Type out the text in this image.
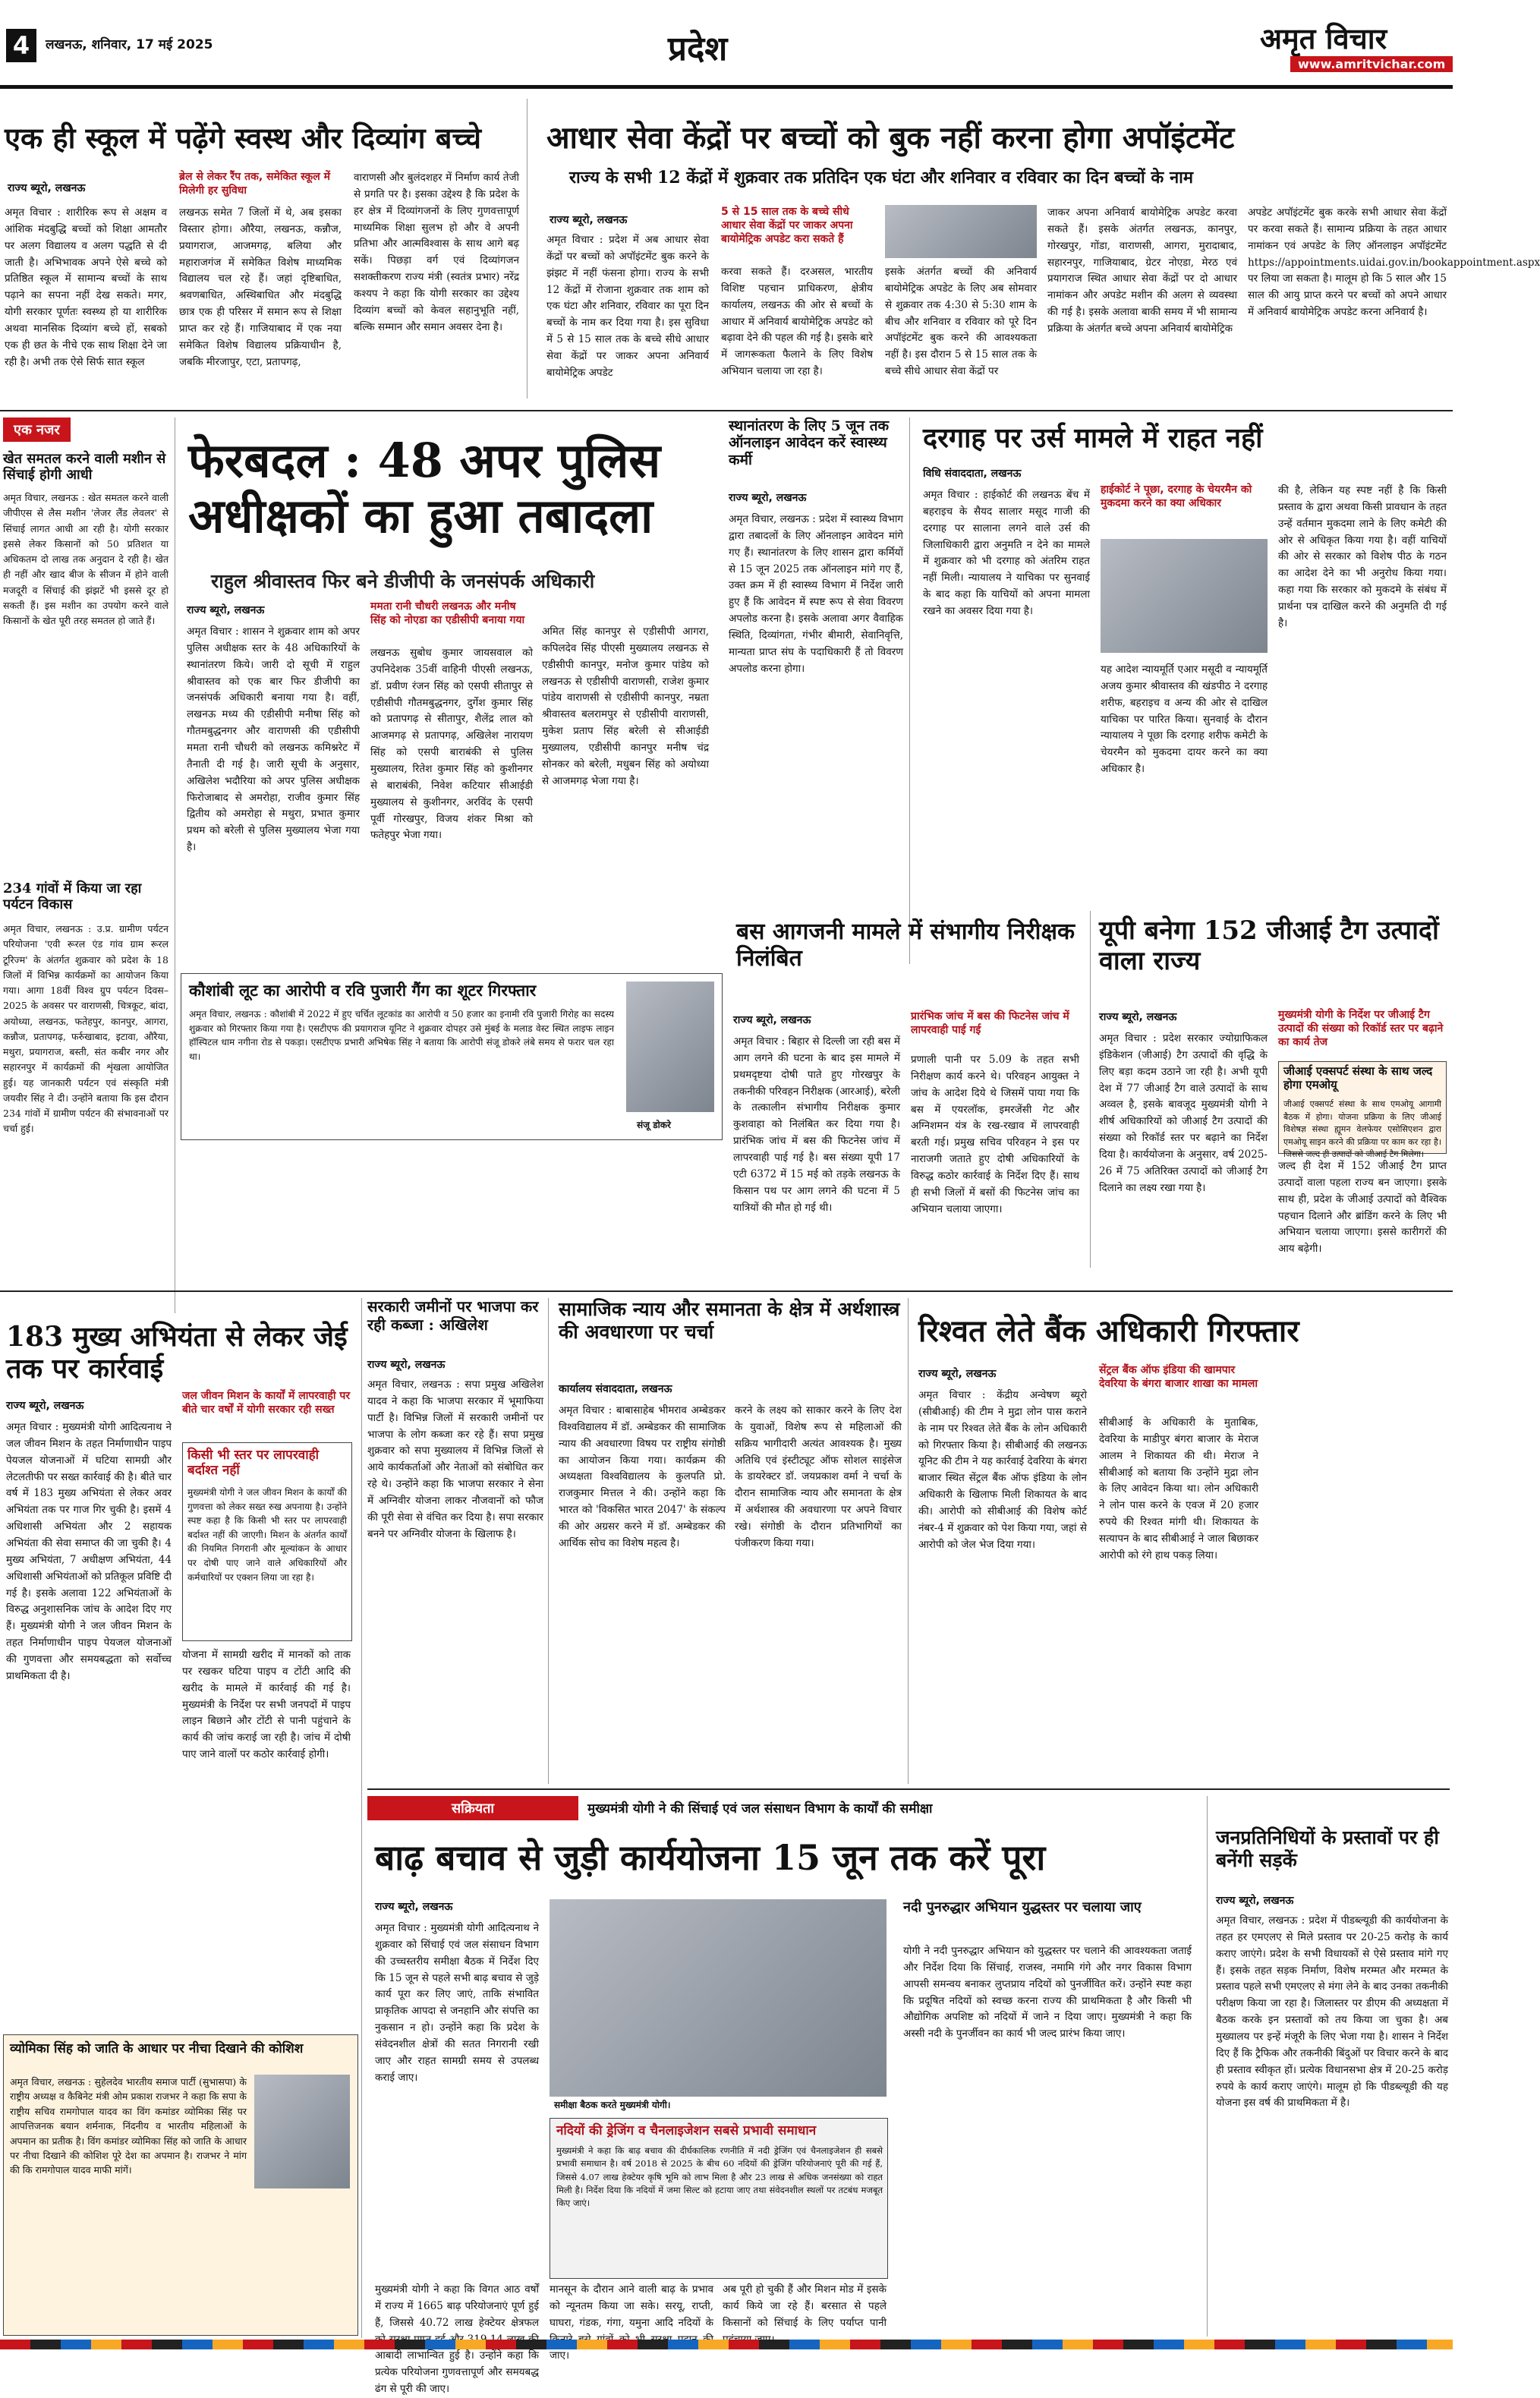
4	लखनऊ, शनिवार, 17 मई 2025	प्रदेश	अमृत विचार
www.amritvichar.com
एक ही स्कूल में पढ़ेंगे स्वस्थ और दिव्यांग बच्चे
राज्य ब्यूरो, लखनऊ
ब्रेल से लेकर रैंप तक, समेकित स्कूल में मिलेगी हर सुविधा
अमृत विचार : शारीरिक रूप से अक्षम व आंशिक मंदबुद्धि बच्चों को शिक्षा आमतौर पर अलग विद्यालय व अलग पद्धति से दी जाती है। अभिभावक अपने ऐसे बच्चे को प्रतिष्ठित स्कूल में सामान्य बच्चों के साथ पढ़ाने का सपना नहीं देख सकते। मगर, योगी सरकार पूर्णतः स्वस्थ्य हो या शारीरिक अथवा मानसिक दिव्यांग बच्चे हों, सबको एक ही छत के नीचे एक साथ शिक्षा देने जा रही है। अभी तक ऐसे सिर्फ सात स्कूल
लखनऊ समेत 7 जिलों में थे, अब इसका विस्तार होगा। औरैया, लखनऊ, कन्नौज, प्रयागराज, आजमगढ़, बलिया और महाराजगंज में समेकित विशेष माध्यमिक विद्यालय चल रहे हैं। जहां दृष्टिबाधित, श्रवणबाधित, अस्थिबाधित और मंदबुद्धि छात्र एक ही परिसर में समान रूप से शिक्षा प्राप्त कर रहे हैं। गाजियाबाद में एक नया समेकित विशेष विद्यालय प्रक्रियाधीन है, जबकि मीरजापुर, एटा, प्रतापगढ़,
वाराणसी और बुलंदशहर में निर्माण कार्य तेजी से प्रगति पर है। इसका उद्देश्य है कि प्रदेश के हर क्षेत्र में दिव्यांगजनों के लिए गुणवत्तापूर्ण माध्यमिक शिक्षा सुलभ हो और वे अपनी प्रतिभा और आत्मविश्वास के साथ आगे बढ़ सकें। पिछड़ा वर्ग एवं दिव्यांगजन सशक्तीकरण राज्य मंत्री (स्वतंत्र प्रभार) नरेंद्र कश्यप ने कहा कि योगी सरकार का उद्देश्य दिव्यांग बच्चों को केवल सहानुभूति नहीं, बल्कि सम्मान और समान अवसर देना है।
आधार सेवा केंद्रों पर बच्चों को बुक नहीं करना होगा अपॉइंटमेंट
राज्य के सभी 12 केंद्रों में शुक्रवार तक प्रतिदिन एक घंटा और शनिवार व रविवार का दिन बच्चों के नाम
राज्य ब्यूरो, लखनऊ
5 से 15 साल तक के बच्चे सीधे आधार सेवा केंद्रों पर जाकर अपना बायोमेट्रिक अपडेट करा सकते हैं
अमृत विचार : प्रदेश में अब आधार सेवा केंद्रों पर बच्चों को अपॉइंटमेंट बुक करने के झंझट में नहीं फंसना होगा। राज्य के सभी 12 केंद्रों में रोजाना शुक्रवार तक शाम को एक घंटा और शनिवार, रविवार का पूरा दिन बच्चों के नाम कर दिया गया है। इस सुविधा में 5 से 15 साल तक के बच्चे सीधे आधार सेवा केंद्रों पर जाकर अपना अनिवार्य बायोमेट्रिक अपडेट
करवा सकते हैं। दरअसल, भारतीय विशिष्ट पहचान प्राधिकरण, क्षेत्रीय कार्यालय, लखनऊ की ओर से बच्चों के आधार में अनिवार्य बायोमेट्रिक अपडेट को बढ़ावा देने की पहल की गई है। इसके बारे में जागरूकता फैलाने के लिए विशेष अभियान चलाया जा रहा है।
इसके अंतर्गत बच्चों की अनिवार्य बायोमेट्रिक अपडेट के लिए अब सोमवार से शुक्रवार तक 4:30 से 5:30 शाम के बीच और शनिवार व रविवार को पूरे दिन अपॉइंटमेंट बुक करने की आवश्यकता नहीं है। इस दौरान 5 से 15 साल तक के बच्चे सीधे आधार सेवा केंद्रों पर
जाकर अपना अनिवार्य बायोमेट्रिक अपडेट करवा सकते हैं। इसके अंतर्गत लखनऊ, कानपुर, गोरखपुर, गोंडा, वाराणसी, आगरा, मुरादाबाद, सहारनपुर, गाजियाबाद, ग्रेटर नोएडा, मेरठ एवं प्रयागराज स्थित आधार सेवा केंद्रों पर दो आधार नामांकन और अपडेट मशीन की अलग से व्यवस्था की गई है। इसके अलावा बाकी समय में भी सामान्य प्रक्रिया के अंतर्गत बच्चे अपना अनिवार्य बायोमेट्रिक
अपडेट अपॉइंटमेंट बुक करके सभी आधार सेवा केंद्रों पर करवा सकते हैं। सामान्य प्रक्रिया के तहत आधार नामांकन एवं अपडेट के लिए ऑनलाइन अपॉइंटमेंट https://appointments.uidai.gov.in/bookappointment.aspx पर लिया जा सकता है। मालूम हो कि 5 साल और 15 साल की आयु प्राप्त करने पर बच्चों को अपने आधार में अनिवार्य बायोमेट्रिक अपडेट करना अनिवार्य है।
एक नजर
खेत समतल करने वाली मशीन से सिंचाई होगी आधी
अमृत विचार, लखनऊ : खेत समतल करने वाली जीपीएस से लैस मशीन 'लेजर लैंड लेवलर' से सिंचाई लागत आधी आ रही है। योगी सरकार इससे लेकर किसानों को 50 प्रतिशत या अधिकतम दो लाख तक अनुदान दे रही है। खेत ही नहीं और खाद बीज के सीजन में होने वाली मजदूरी व सिंचाई की झंझटें भी इससे दूर हो सकती हैं। इस मशीन का उपयोग करने वाले किसानों के खेत पूरी तरह समतल हो जाते हैं।
234 गांवों में किया जा रहा पर्यटन विकास
अमृत विचार, लखनऊ : उ.प्र. ग्रामीण पर्यटन परियोजना 'एवी रूरल एंड गांव ग्राम रूरल टूरिज्म' के अंतर्गत शुक्रवार को प्रदेश के 18 जिलों में विभिन्न कार्यक्रमों का आयोजन किया गया। आगा 18वीं विश्व ग्रुप पर्यटन दिवस–2025 के अवसर पर वाराणसी, चित्रकूट, बांदा, अयोध्या, लखनऊ, फतेहपुर, कानपुर, आगरा, कन्नौज, प्रतापगढ़, फर्रुखाबाद, इटावा, औरैया, मथुरा, प्रयागराज, बस्ती, संत कबीर नगर और सहारनपुर में कार्यक्रमों की शृंखला आयोजित हुई। यह जानकारी पर्यटन एवं संस्कृति मंत्री जयवीर सिंह ने दी। उन्होंने बताया कि इस दौरान 234 गांवों में ग्रामीण पर्यटन की संभावनाओं पर चर्चा हुई।
फेरबदल : 48 अपर पुलिस अधीक्षकों का हुआ तबादला
राहुल श्रीवास्तव फिर बने डीजीपी के जनसंपर्क अधिकारी
राज्य ब्यूरो, लखनऊ	ममता रानी चौधरी लखनऊ और मनीष सिंह को नोएडा का एडीसीपी बनाया गया
अमृत विचार : शासन ने शुक्रवार शाम को अपर पुलिस अधीक्षक स्तर के 48 अधिकारियों के स्थानांतरण किये। जारी दो सूची में राहुल श्रीवास्तव को एक बार फिर डीजीपी का जनसंपर्क अधिकारी बनाया गया है। वहीं, लखनऊ मध्य की एडीसीपी मनीषा सिंह को गौतमबुद्धनगर और वाराणसी की एडीसीपी ममता रानी चौधरी को लखनऊ कमिश्नरेट में तैनाती दी गई है। जारी सूची के अनुसार, अखिलेश भदौरिया को अपर पुलिस अधीक्षक फिरोजाबाद से अमरोहा, राजीव कुमार सिंह द्वितीय को अमरोहा से मथुरा, प्रभात कुमार प्रथम को बरेली से पुलिस मुख्यालय भेजा गया है।
लखनऊ सुबोध कुमार जायसवाल को उपनिदेशक 35वीं वाहिनी पीएसी लखनऊ, डॉ. प्रवीण रंजन सिंह को एसपी सीतापुर से एडीसीपी गौतमबुद्धनगर, दुर्गेश कुमार सिंह को प्रतापगढ़ से सीतापुर, शैलेंद्र लाल को आजमगढ़ से प्रतापगढ़, अखिलेश नारायण सिंह को एसपी बाराबंकी से पुलिस मुख्यालय, रितेश कुमार सिंह को कुशीनगर से बाराबंकी, निवेश कटियार सीआईडी मुख्यालय से कुशीनगर, अरविंद के एसपी पूर्वी गोरखपुर, विजय शंकर मिश्रा को फतेहपुर भेजा गया।
अमित सिंह कानपुर से एडीसीपी आगरा, कपिलदेव सिंह पीएसी मुख्यालय लखनऊ से एडीसीपी कानपुर, मनोज कुमार पांडेय को लखनऊ से एडीसीपी वाराणसी, राजेश कुमार पांडेय वाराणसी से एडीसीपी कानपुर, नम्रता श्रीवास्तव बलरामपुर से एडीसीपी वाराणसी, मुकेश प्रताप सिंह बरेली से सीआईडी मुख्यालय, एडीसीपी कानपुर मनीष चंद्र सोनकर को बरेली, मधुबन सिंह को अयोध्या से आजमगढ़ भेजा गया है।
स्थानांतरण के लिए 5 जून तक ऑनलाइन आवेदन करें स्वास्थ्य कर्मी
राज्य ब्यूरो, लखनऊ
अमृत विचार, लखनऊ : प्रदेश में स्वास्थ्य विभाग द्वारा तबादलों के लिए ऑनलाइन आवेदन मांगे गए हैं। स्थानांतरण के लिए शासन द्वारा कर्मियों से 15 जून 2025 तक ऑनलाइन मांगे गए हैं, उक्त क्रम में ही स्वास्थ्य विभाग में निर्देश जारी हुए हैं कि आवेदन में स्पष्ट रूप से सेवा विवरण अपलोड करना है। इसके अलावा अगर वैवाहिक स्थिति, दिव्यांगता, गंभीर बीमारी, सेवानिवृत्ति, मान्यता प्राप्त संघ के पदाधिकारी हैं तो विवरण अपलोड करना होगा।
दरगाह पर उर्स मामले में राहत नहीं
विधि संवाददाता, लखनऊ
अमृत विचार : हाईकोर्ट की लखनऊ बेंच में बहराइच के सैयद सालार मसूद गाजी की दरगाह पर सालाना लगने वाले उर्स की जिलाधिकारी द्वारा अनुमति न देने का मामले में शुक्रवार को भी दरगाह को अंतरिम राहत नहीं मिली। न्यायालय ने याचिका पर सुनवाई के बाद कहा कि याचियों को अपना मामला रखने का अवसर दिया गया है।
हाईकोर्ट ने पूछा, दरगाह के चेयरमैन को मुकदमा करने का क्या अधिकार
यह आदेश न्यायमूर्ति एआर मसूदी व न्यायमूर्ति अजय कुमार श्रीवास्तव की खंडपीठ ने दरगाह शरीफ, बहराइच व अन्य की ओर से दाखिल याचिका पर पारित किया। सुनवाई के दौरान न्यायालय ने पूछा कि दरगाह शरीफ कमेटी के चेयरमैन को मुकदमा दायर करने का क्या अधिकार है।
की है, लेकिन यह स्पष्ट नहीं है कि किसी प्रस्ताव के द्वारा अथवा किसी प्रावधान के तहत उन्हें वर्तमान मुकदमा लाने के लिए कमेटी की ओर से अधिकृत किया गया है। वहीं याचियों की ओर से सरकार को विशेष पीठ के गठन का आदेश देने का भी अनुरोध किया गया। कहा गया कि सरकार को मुकदमे के संबंध में प्रार्थना पत्र दाखिल करने की अनुमति दी गई है।
बस आगजनी मामले में संभागीय निरीक्षक निलंबित
राज्य ब्यूरो, लखनऊ
अमृत विचार : बिहार से दिल्ली जा रही बस में आग लगने की घटना के बाद इस मामले में प्रथमदृष्टया दोषी पाते हुए गोरखपुर के तकनीकी परिवहन निरीक्षक (आरआई), बरेली के तत्कालीन संभागीय निरीक्षक कुमार कुशवाहा को निलंबित कर दिया गया है। प्रारंभिक जांच में बस की फिटनेस जांच में लापरवाही पाई गई है। बस संख्या यूपी 17 एटी 6372 में 15 मई को तड़के लखनऊ के किसान पथ पर आग लगने की घटना में 5 यात्रियों की मौत हो गई थी।
प्रारंभिक जांच में बस की फिटनेस जांच में लापरवाही पाई गई
प्रणाली पानी पर 5.09 के तहत सभी निरीक्षण कार्य करने थे। परिवहन आयुक्त ने जांच के आदेश दिये थे जिसमें पाया गया कि बस में एयरलॉक, इमरजेंसी गेट और अग्निशमन यंत्र के रख-रखाव में लापरवाही बरती गई। प्रमुख सचिव परिवहन ने इस पर नाराजगी जताते हुए दोषी अधिकारियों के विरुद्ध कठोर कार्रवाई के निर्देश दिए हैं। साथ ही सभी जिलों में बसों की फिटनेस जांच का अभियान चलाया जाएगा।
यूपी बनेगा 152 जीआई टैग उत्पादों वाला राज्य
राज्य ब्यूरो, लखनऊ
अमृत विचार : प्रदेश सरकार ज्योग्राफिकल इंडिकेशन (जीआई) टैग उत्पादों की वृद्धि के लिए बड़ा कदम उठाने जा रही है। अभी यूपी देश में 77 जीआई टैग वाले उत्पादों के साथ अव्वल है, इसके बावजूद मुख्यमंत्री योगी ने शीर्ष अधिकारियों को जीआई टैग उत्पादों की संख्या को रिकॉर्ड स्तर पर बढ़ाने का निर्देश दिया है। कार्ययोजना के अनुसार, वर्ष 2025-26 में 75 अतिरिक्त उत्पादों को जीआई टैग दिलाने का लक्ष्य रखा गया है।
मुख्यमंत्री योगी के निर्देश पर जीआई टैग उत्पादों की संख्या को रिकॉर्ड स्तर पर बढ़ाने का कार्य तेज
जीआई एक्सपर्ट संस्था के साथ जल्द होगा एमओयू
जीआई एक्सपर्ट संस्था के साथ एमओयू आगामी बैठक में होगा। योजना प्रक्रिया के लिए जीआई विशेषज्ञ संस्था ह्यूमन वेलफेयर एसोसिएशन द्वारा एमओयू साइन करने की प्रक्रिया पर काम कर रहा है। जिससे जल्द ही उत्पादों को जीआई टैग मिलेगा।
जल्द ही देश में 152 जीआई टैग प्राप्त उत्पादों वाला पहला राज्य बन जाएगा। इसके साथ ही, प्रदेश के जीआई उत्पादों को वैश्विक पहचान दिलाने और ब्रांडिंग करने के लिए भी अभियान चलाया जाएगा। इससे कारीगरों की आय बढ़ेगी।
कौशांबी लूट का आरोपी व रवि पुजारी गैंग का शूटर गिरफ्तार
अमृत विचार, लखनऊ : कौशांबी में 2022 में हुए चर्चित लूटकांड का आरोपी व 50 हजार का इनामी रवि पुजारी गिरोह का सदस्य शुक्रवार को गिरफ्तार किया गया है। एसटीएफ की प्रयागराज यूनिट ने शुक्रवार दोपहर उसे मुंबई के मलाड वेस्ट स्थित लाइफ लाइन हॉस्पिटल धाम नगीना रोड से पकड़ा। एसटीएफ प्रभारी अभिषेक सिंह ने बताया कि आरोपी संजू डोकरे लंबे समय से फरार चल रहा था।
संजू डोकरे
183 मुख्य अभियंता से लेकर जेई तक पर कार्रवाई
राज्य ब्यूरो, लखनऊ
अमृत विचार : मुख्यमंत्री योगी आदित्यनाथ ने जल जीवन मिशन के तहत निर्माणाधीन पाइप पेयजल योजनाओं में घटिया सामग्री और लेटलतीफी पर सख्त कार्रवाई की है। बीते चार वर्ष में 183 मुख्य अभियंता से लेकर अवर अभियंता तक पर गाज गिर चुकी है। इसमें 4 अधिशासी अभियंता और 2 सहायक अभियंता की सेवा समाप्त की जा चुकी है। 4 मुख्य अभियंता, 7 अधीक्षण अभियंता, 44 अधिशासी अभियंताओं को प्रतिकूल प्रविष्टि दी गई है। इसके अलावा 122 अभियंताओं के विरुद्ध अनुशासनिक जांच के आदेश दिए गए हैं। मुख्यमंत्री योगी ने जल जीवन मिशन के तहत निर्माणाधीन पाइप पेयजल योजनाओं की गुणवत्ता और समयबद्धता को सर्वोच्च प्राथमिकता दी है।
जल जीवन मिशन के कार्यों में लापरवाही पर बीते चार वर्षों में योगी सरकार रही सख्त
किसी भी स्तर पर लापरवाही बर्दाश्त नहीं
मुख्यमंत्री योगी ने जल जीवन मिशन के कार्यों की गुणवत्ता को लेकर सख्त रुख अपनाया है। उन्होंने स्पष्ट कहा है कि किसी भी स्तर पर लापरवाही बर्दाश्त नहीं की जाएगी। मिशन के अंतर्गत कार्यों की नियमित निगरानी और मूल्यांकन के आधार पर दोषी पाए जाने वाले अधिकारियों और कर्मचारियों पर एक्शन लिया जा रहा है।
योजना में सामग्री खरीद में मानकों को ताक पर रखकर घटिया पाइप व टोंटी आदि की खरीद के मामले में कार्रवाई की गई है। मुख्यमंत्री के निर्देश पर सभी जनपदों में पाइप लाइन बिछाने और टोंटी से पानी पहुंचाने के कार्य की जांच कराई जा रही है। जांच में दोषी पाए जाने वालों पर कठोर कार्रवाई होगी।
व्योमिका सिंह को जाति के आधार पर नीचा दिखाने की कोशिश
अमृत विचार, लखनऊ : सुहेलदेव भारतीय समाज पार्टी (सुभासपा) के राष्ट्रीय अध्यक्ष व कैबिनेट मंत्री ओम प्रकाश राजभर ने कहा कि सपा के राष्ट्रीय सचिव रामगोपाल यादव का विंग कमांडर व्योमिका सिंह पर आपत्तिजनक बयान शर्मनाक, निंदनीय व भारतीय महिलाओं के अपमान का प्रतीक है। विंग कमांडर व्योमिका सिंह को जाति के आधार पर नीचा दिखाने की कोशिश पूरे देश का अपमान है। राजभर ने मांग की कि रामगोपाल यादव माफी मांगें।
सरकारी जमीनों पर भाजपा कर रही कब्जा : अखिलेश
राज्य ब्यूरो, लखनऊ
अमृत विचार, लखनऊ : सपा प्रमुख अखिलेश यादव ने कहा कि भाजपा सरकार में भूमाफिया पार्टी है। विभिन्न जिलों में सरकारी जमीनों पर भाजपा के लोग कब्जा कर रहे हैं। सपा प्रमुख शुक्रवार को सपा मुख्यालय में विभिन्न जिलों से आये कार्यकर्ताओं और नेताओं को संबोधित कर रहे थे। उन्होंने कहा कि भाजपा सरकार ने सेना में अग्निवीर योजना लाकर नौजवानों को फौज की पूरी सेवा से वंचित कर दिया है। सपा सरकार बनने पर अग्निवीर योजना के खिलाफ है।
सामाजिक न्याय और समानता के क्षेत्र में अर्थशास्त्र की अवधारणा पर चर्चा
कार्यालय संवाददाता, लखनऊ
अमृत विचार : बाबासाहेब भीमराव अम्बेडकर विश्वविद्यालय में डॉ. अम्बेडकर की सामाजिक न्याय की अवधारणा विषय पर राष्ट्रीय संगोष्ठी का आयोजन किया गया। कार्यक्रम की अध्यक्षता विश्वविद्यालय के कुलपति प्रो. राजकुमार मित्तल ने की। उन्होंने कहा कि भारत को 'विकसित भारत 2047' के संकल्प की ओर अग्रसर करने में डॉ. अम्बेडकर की आर्थिक सोच का विशेष महत्व है।
करने के लक्ष्य को साकार करने के लिए देश के युवाओं, विशेष रूप से महिलाओं की सक्रिय भागीदारी अत्यंत आवश्यक है। मुख्य अतिथि एवं इंस्टीट्यूट ऑफ सोशल साइंसेज के डायरेक्टर डॉ. जयप्रकाश वर्मा ने चर्चा के दौरान सामाजिक न्याय और समानता के क्षेत्र में अर्थशास्त्र की अवधारणा पर अपने विचार रखे। संगोष्ठी के दौरान प्रतिभागियों का पंजीकरण किया गया।
रिश्वत लेते बैंक अधिकारी गिरफ्तार
राज्य ब्यूरो, लखनऊ
अमृत विचार : केंद्रीय अन्वेषण ब्यूरो (सीबीआई) की टीम ने मुद्रा लोन पास कराने के नाम पर रिश्वत लेते बैंक के लोन अधिकारी को गिरफ्तार किया है। सीबीआई की लखनऊ यूनिट की टीम ने यह कार्रवाई देवरिया के बंगरा बाजार स्थित सेंट्रल बैंक ऑफ इंडिया के लोन अधिकारी के खिलाफ मिली शिकायत के बाद की। आरोपी को सीबीआई की विशेष कोर्ट नंबर-4 में शुक्रवार को पेश किया गया, जहां से आरोपी को जेल भेज दिया गया।
सेंट्रल बैंक ऑफ इंडिया की खामपार देवरिया के बंगरा बाजार शाखा का मामला
सीबीआई के अधिकारी के मुताबिक, देवरिया के माडीपुर बंगरा बाजार के मेराज आलम ने शिकायत की थी। मेराज ने सीबीआई को बताया कि उन्होंने मुद्रा लोन के लिए आवेदन किया था। लोन अधिकारी ने लोन पास करने के एवज में 20 हजार रुपये की रिश्वत मांगी थी। शिकायत के सत्यापन के बाद सीबीआई ने जाल बिछाकर आरोपी को रंगे हाथ पकड़ लिया।
सक्रियता	मुख्यमंत्री योगी ने की सिंचाई एवं जल संसाधन विभाग के कार्यों की समीक्षा
बाढ़ बचाव से जुड़ी कार्ययोजना 15 जून तक करें पूरा
राज्य ब्यूरो, लखनऊ
अमृत विचार : मुख्यमंत्री योगी आदित्यनाथ ने शुक्रवार को सिंचाई एवं जल संसाधन विभाग की उच्चस्तरीय समीक्षा बैठक में निर्देश दिए कि 15 जून से पहले सभी बाढ़ बचाव से जुड़े कार्य पूरा कर लिए जाएं, ताकि संभावित प्राकृतिक आपदा से जनहानि और संपत्ति का नुकसान न हो। उन्होंने कहा कि प्रदेश के संवेदनशील क्षेत्रों की सतत निगरानी रखी जाए और राहत सामग्री समय से उपलब्ध कराई जाए।
समीक्षा बैठक करते मुख्यमंत्री योगी।
नदियों की ड्रेजिंग व चैनलाइजेशन सबसे प्रभावी समाधान
मुख्यमंत्री ने कहा कि बाढ़ बचाव की दीर्घकालिक रणनीति में नदी ड्रेजिंग एवं चैनलाइजेशन ही सबसे प्रभावी समाधान है। वर्ष 2018 से 2025 के बीच 60 नदियों की ड्रेजिंग परियोजनाएं पूरी की गई हैं, जिससे 4.07 लाख हेक्टेयर कृषि भूमि को लाभ मिला है और 23 लाख से अधिक जनसंख्या को राहत मिली है। निर्देश दिया कि नदियों में जमा सिल्ट को हटाया जाए तथा संवेदनशील स्थलों पर तटबंध मजबूत किए जाएं।
मुख्यमंत्री योगी ने कहा कि विगत आठ वर्षों में राज्य में 1665 बाढ़ परियोजनाएं पूर्ण हुई हैं, जिससे 40.72 लाख हेक्टेयर क्षेत्रफल आबादी लाभान्वित हुई है। उन्होंने कहा कि प्रत्येक परियोजना गुणवत्तापूर्ण और समयबद्ध ढंग से पूरी की जाए।
मानसून के दौरान आने वाली बाढ़ के प्रभाव को न्यूनतम किया जा सके। सरयू, राप्ती, घाघरा, गंडक, गंगा, यमुना आदि नदियों के जाए।
अब पूरी हो चुकी हैं और मिशन मोड में इसके कार्य किये जा रहे हैं। बरसात से पहले किसानों को सिंचाई के लिए पर्याप्त पानी
नदी पुनरुद्धार अभियान युद्धस्तर पर चलाया जाए
योगी ने नदी पुनरुद्धार अभियान को युद्धस्तर पर चलाने की आवश्यकता जताई और निर्देश दिया कि सिंचाई, राजस्व, नमामि गंगे और नगर विकास विभाग आपसी समन्वय बनाकर लुप्तप्राय नदियों को पुनर्जीवित करें। उन्होंने स्पष्ट कहा कि प्रदूषित नदियों को स्वच्छ करना राज्य की प्राथमिकता है और किसी भी औद्योगिक अपशिष्ट को नदियों में जाने न दिया जाए। मुख्यमंत्री ने कहा कि अस्सी नदी के पुनर्जीवन का कार्य भी जल्द प्रारंभ किया जाए।
जनप्रतिनिधियों के प्रस्तावों पर ही बनेंगी सड़कें
राज्य ब्यूरो, लखनऊ
अमृत विचार, लखनऊ : प्रदेश में पीडब्ल्यूडी की कार्ययोजना के तहत हर एमएलए से मिले प्रस्ताव पर 20-25 करोड़ के कार्य कराए जाएंगे। प्रदेश के सभी विधायकों से ऐसे प्रस्ताव मांगे गए हैं। इसके तहत सड़क निर्माण, विशेष मरम्मत और मरम्मत के प्रस्ताव पहले सभी एमएलए से मंगा लेने के बाद उनका तकनीकी परीक्षण किया जा रहा है। जिलास्तर पर डीएम की अध्यक्षता में बैठक करके इन प्रस्तावों को तय किया जा चुका है। अब मुख्यालय पर इन्हें मंजूरी के लिए भेजा गया है। शासन ने निर्देश दिए हैं कि ट्रैफिक और तकनीकी बिंदुओं पर विचार करने के बाद ही प्रस्ताव स्वीकृत हों। प्रत्येक विधानसभा क्षेत्र में 20-25 करोड़ रुपये के कार्य कराए जाएंगे। मालूम हो कि पीडब्ल्यूडी की यह योजना इस वर्ष की प्राथमिकता में है।
